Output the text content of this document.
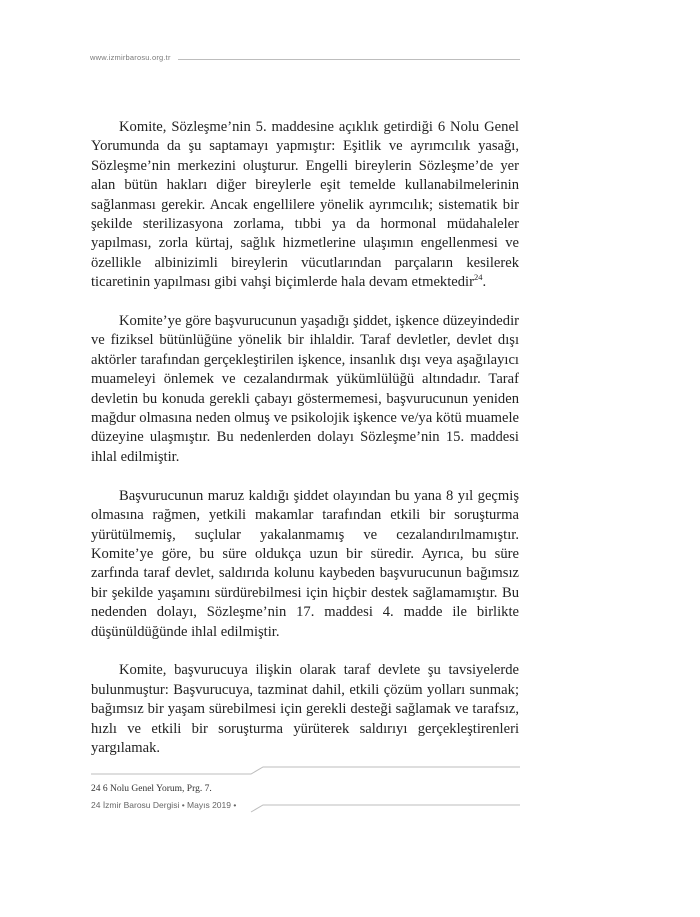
www.izmirbarosu.org.tr

Komite, Sözleşme’nin 5. maddesine açıklık getirdiği 6 Nolu Genel Yorumunda da şu saptamayı yapmıştır: Eşitlik ve ayrımcılık yasağı, Sözleşme’nin merkezini oluşturur. Engelli bireylerin Sözleşme’de yer alan bütün hakları diğer bireylerle eşit temelde kullanabilmelerinin sağlanması gerekir. Ancak engellilere yönelik ayrımcılık; sistematik bir şekilde sterilizasyona zorlama, tıbbi ya da hormonal müdahaleler yapılması, zorla kürtaj, sağlık hizmetlerine ulaşımın engellenmesi ve özellikle albinizimli bireylerin vücutlarından parçaların kesilerek ticaretinin yapılması gibi vahşi biçimlerde hala devam etmektedir$^{24}$.

Komite’ye göre başvurucunun yaşadığı şiddet, işkence düzeyindedir ve fiziksel bütünlüğüne yönelik bir ihlaldir. Taraf devletler, devlet dışı aktörler tarafından gerçekleştirilen işkence, insanlık dışı veya aşağılayıcı muameleyi önlemek ve cezalandırmak yükümlülüğü altındadır. Taraf devletin bu konuda gerekli çabayı göstermemesi, başvurucunun yeniden mağdur olmasına neden olmuş ve psikolojik işkence ve/ya kötü muamele düzeyine ulaşmıştır. Bu nedenlerden dolayı Sözleşme’nin 15. maddesi ihlal edilmiştir.

Başvurucunun maruz kaldığı şiddet olayından bu yana 8 yıl geçmiş olmasına rağmen, yetkili makamlar tarafından etkili bir soruşturma yürütülmemiş, suçlular yakalanmamış ve cezalandırılmamıştır. Komite’ye göre, bu süre oldukça uzun bir süredir. Ayrıca, bu süre zarfında taraf devlet, saldırıda kolunu kaybeden başvurucunun bağımsız bir şekilde yaşamını sürdürebilmesi için hiçbir destek sağlamamıştır. Bu nedenden dolayı, Sözleşme’nin 17. maddesi 4. madde ile birlikte düşünüldüğünde ihlal edilmiştir.

Komite, başvurucuya ilişkin olarak taraf devlete şu tavsiyelerde bulunmuştur: Başvurucuya, tazminat dahil, etkili çözüm yolları sunmak; bağımsız bir yaşam sürebilmesi için gerekli desteği sağlamak ve tarafsız, hızlı ve etkili bir soruşturma yürüterek saldırıyı gerçekleştirenleri yargılamak.

24 6 Nolu Genel Yorum, Prg. 7.
24 İzmir Barosu Dergisi • Mayıs 2019 •
